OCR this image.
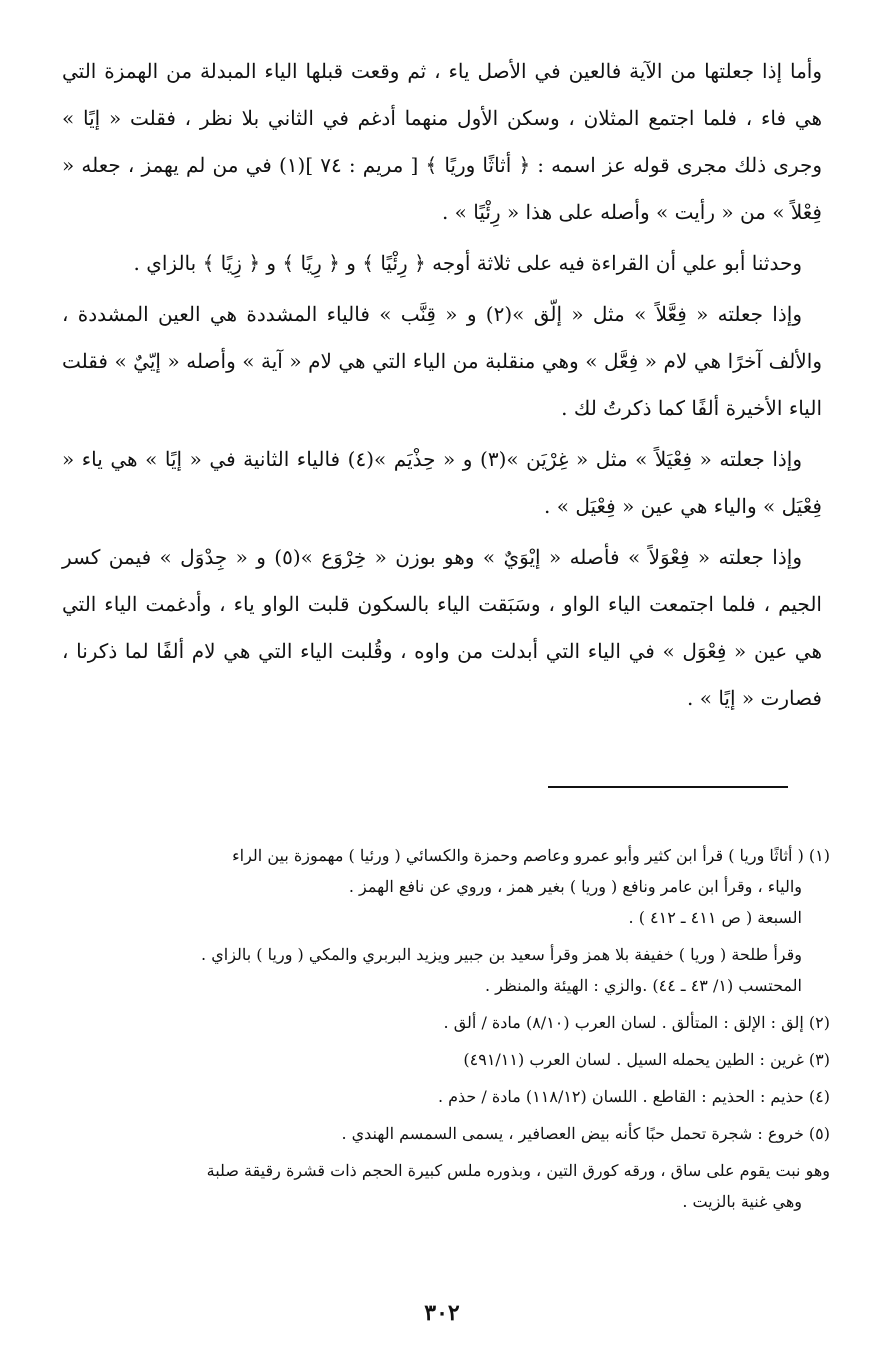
وأما إذا جعلتها من الآية فالعين في الأصل ياء ، ثم وقعت قبلها الياء المبدلة من الهمزة التي هي فاء ، فلما اجتمع المثلان ، وسكن الأول منهما أدغم في الثاني بلا نظر ، فقلت « إيًا » وجرى ذلك مجرى قوله عز اسمه : ﴿ أثاثًا وريًا ﴾ [ مريم : ٧٤ ](١) في من لم يهمز ، جعله « فِعْلاً » من « رأيت » وأصله على هذا « رِئْيًا » .

وحدثنا أبو علي أن القراءة فيه على ثلاثة أوجه ﴿ رِئْيًا ﴾ و ﴿ رِيًا ﴾ و ﴿ زِيًا ﴾ بالزاي .

وإذا جعلته « فِعَّلاً » مثل « إلّق »(٢) و « قِنَّب » فالياء المشددة هي العين المشددة ، والألف آخرًا هي لام « فِعَّل » وهي منقلبة من الياء التي هي لام « آية » وأصله « إيّيٌ » فقلت الياء الأخيرة ألفًا كما ذكرتُ لك .

وإذا جعلته « فِعْيَلاً » مثل « غِرْيَن »(٣) و « حِذْيَم »(٤) فالياء الثانية في « إيًا » هي ياء « فِعْيَل » والياء هي عين « فِعْيَل » .

وإذا جعلته « فِعْوَلاً » فأصله « إيْوَيٌ » وهو بوزن « خِرْوَع »(٥) و « جِدْوَل » فيمن كسر الجيم ، فلما اجتمعت الياء الواو ، وسَبَقت الياء بالسكون قلبت الواو ياء ، وأدغمت الياء التي هي عين « فِعْوَل » في الياء التي أبدلت من واوه ، وقُلبت الياء التي هي لام ألفًا لما ذكرنا ، فصارت « إيًا » .

(١) ( أثاثًا وريا ) قرأ ابن كثير وأبو عمرو وعاصم وحمزة والكسائي ( ورئيا ) مهموزة بين الراء

والياء ، وقرأ ابن عامر ونافع ( وريا ) بغير همز ، وروي عن نافع الهمز .

السبعة ( ص ٤١١ ـ ٤١٢ ) .

وقرأ طلحة ( وريا ) خفيفة بلا همز وقرأ سعيد بن جبير ويزيد البربري والمكي ( وريا ) بالزاي .

المحتسب (١/ ٤٣ ـ ٤٤) .والزي : الهيئة والمنظر .

(٢) إلق : الإلق : المتألق . لسان العرب (٨/١٠) مادة / ألق .

(٣) غرين : الطين يحمله السيل . لسان العرب (٤٩١/١١)

(٤) حذيم : الحذيم : القاطع . اللسان (١١٨/١٢) مادة / حذم .

(٥) خروع : شجرة تحمل حبًا كأنه بيض العصافير ، يسمى السمسم الهندي .

وهو نبت يقوم على ساق ، ورقه كورق التين ، وبذوره ملس كبيرة الحجم ذات قشرة رقيقة صلبة

وهي غنية بالزيت .

٣٠٢
